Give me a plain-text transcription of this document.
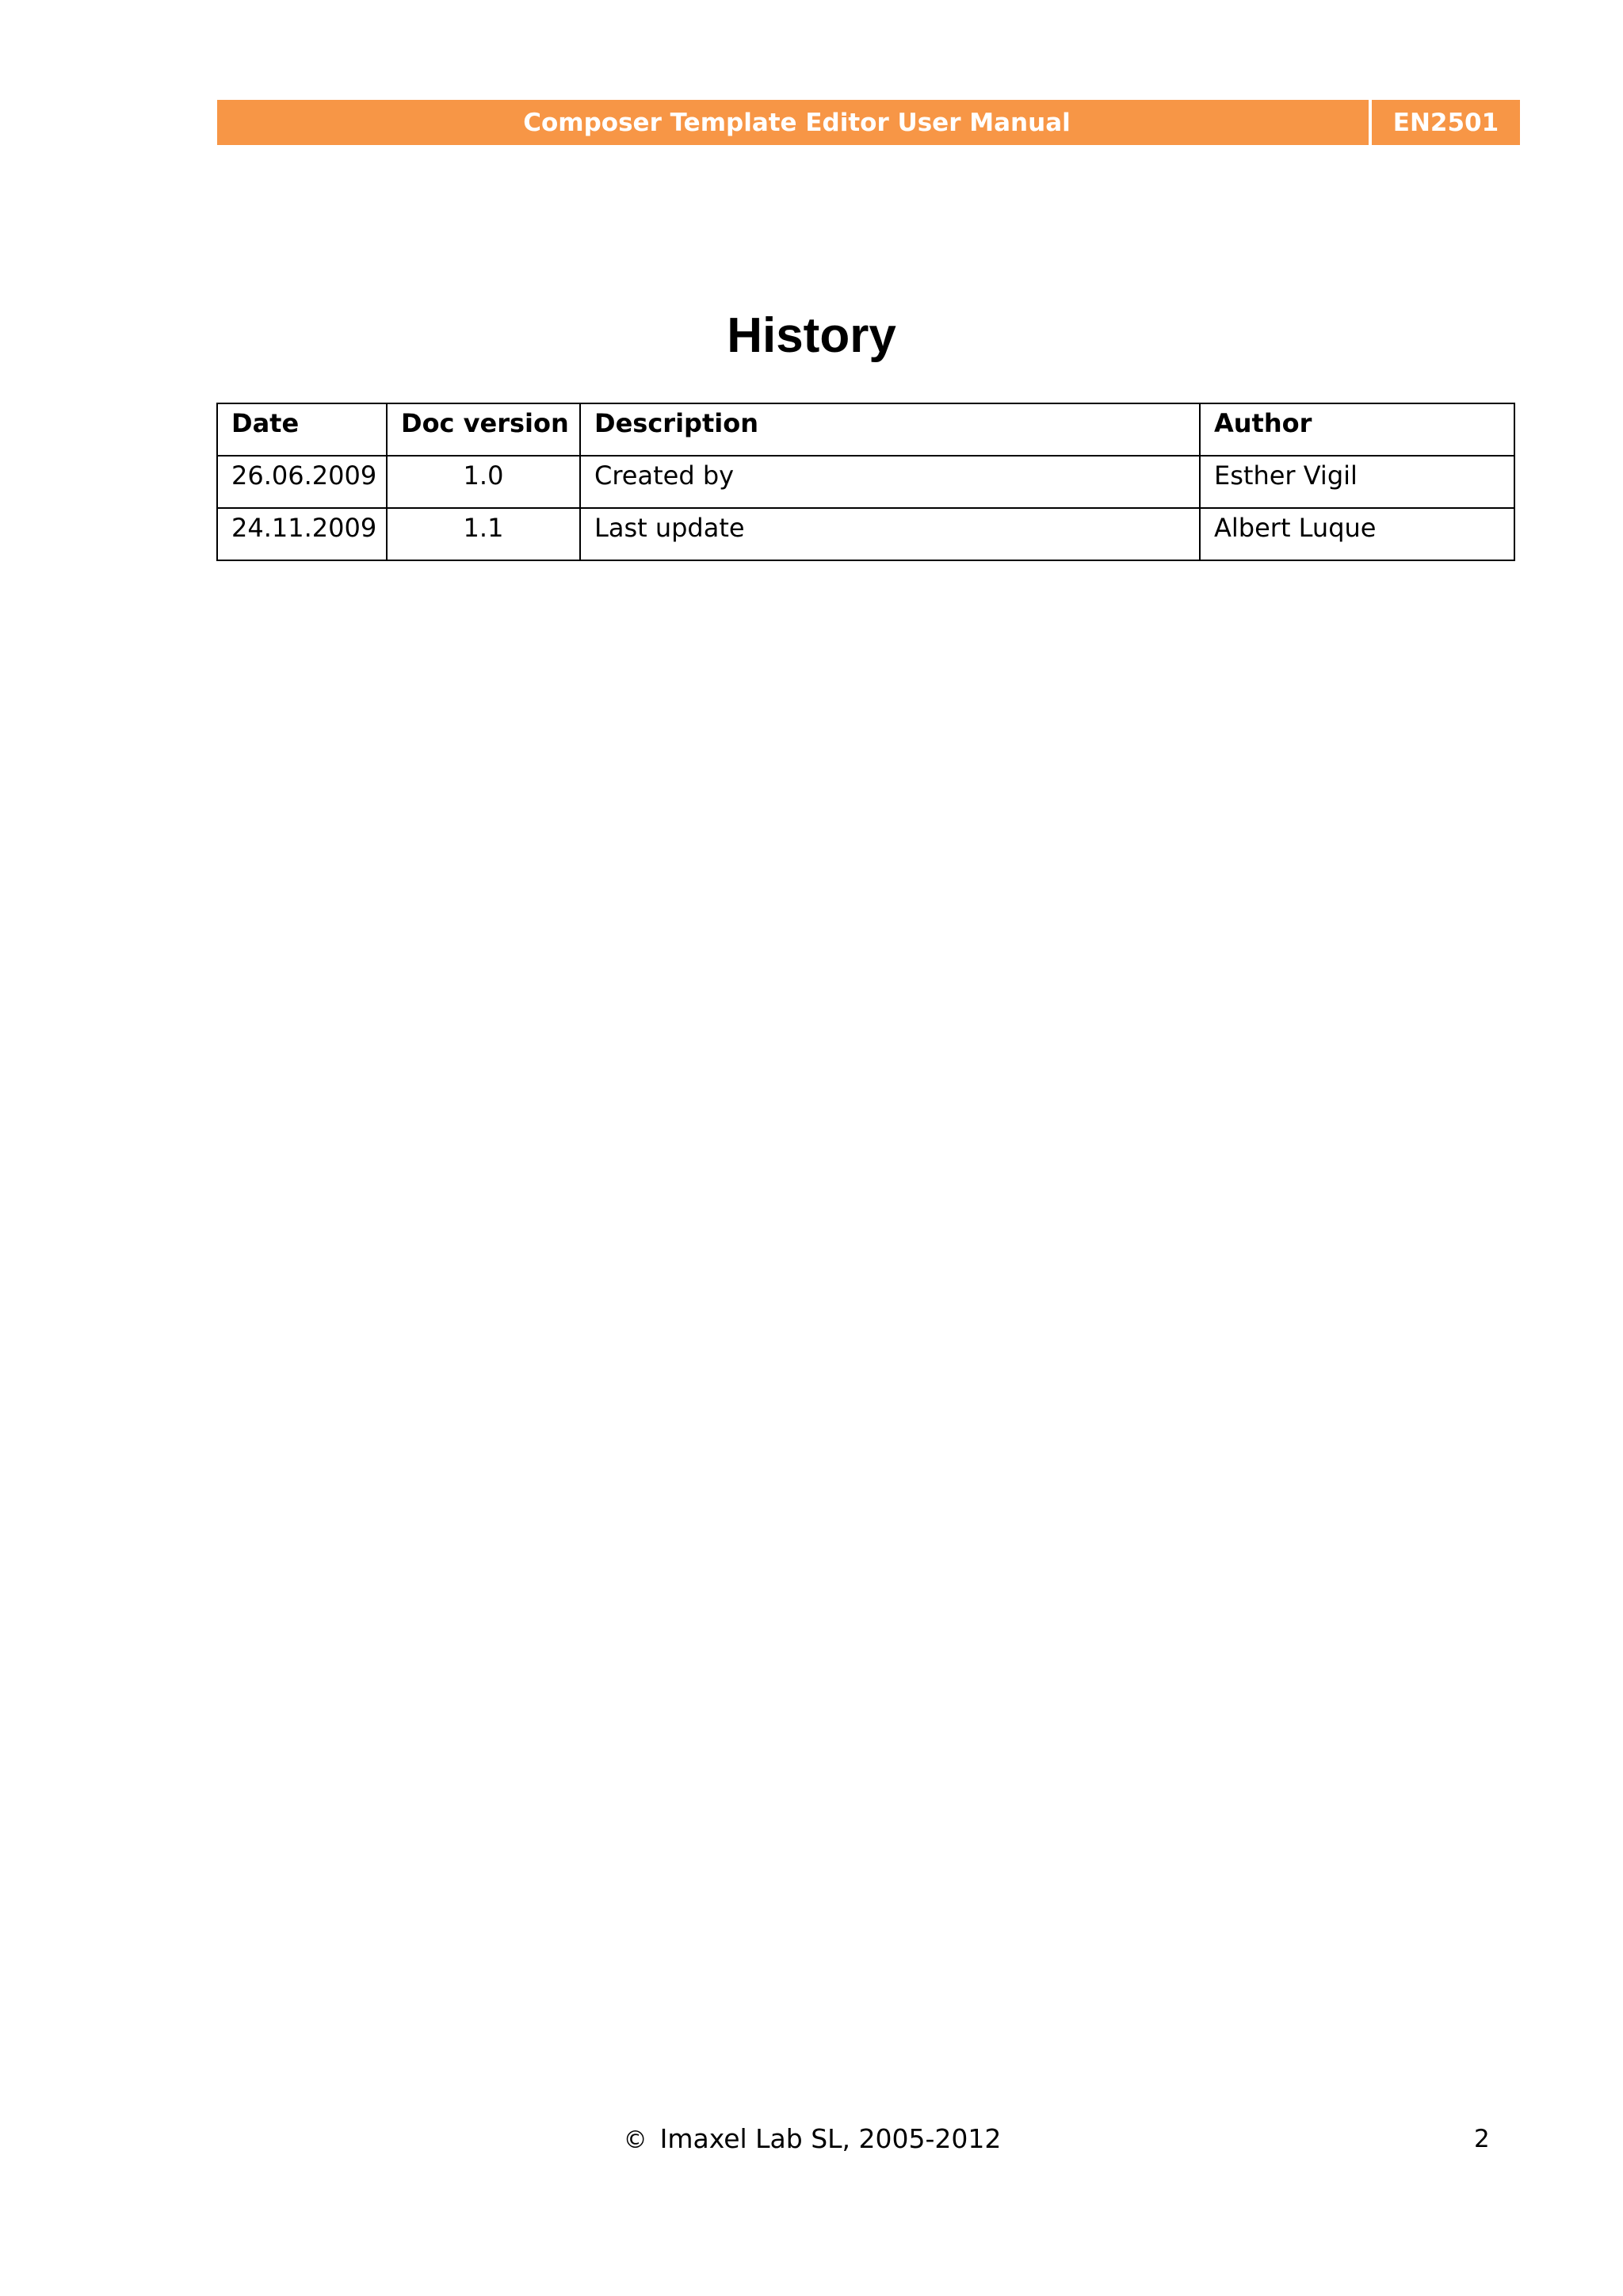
Composer Template Editor User Manual	EN2501
History
Date	Doc version	Description	Author
26.06.2009	1.0	Created by	Esther Vigil
24.11.2009	1.1	Last update	Albert Luque
© Imaxel Lab SL, 2005-2012	2
